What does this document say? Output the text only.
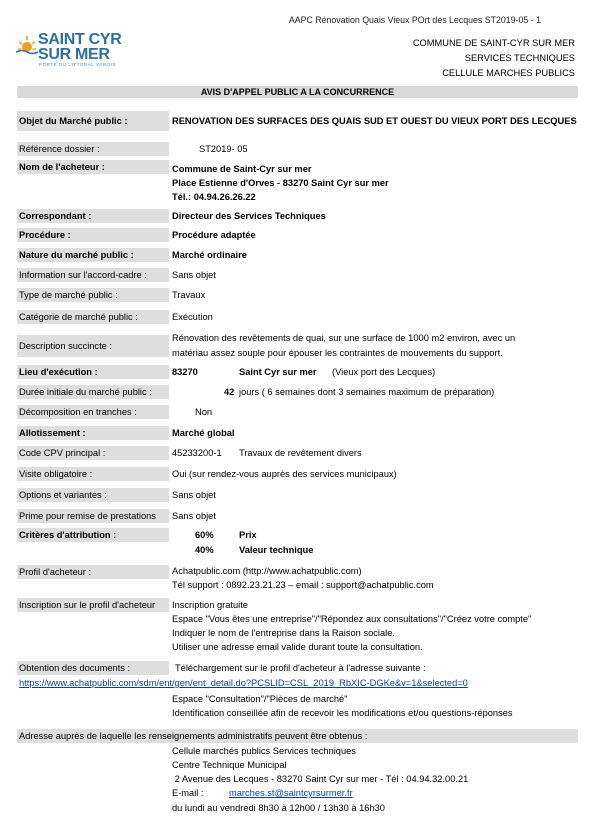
AAPC Rénovation Quais Vieux POrt des Lecques ST2019-05 - 1
SAINT CYR
SUR MER
PORTE DU LITTORAL VAROIS
COMMUNE DE SAINT-CYR SUR MER
SERVICES TECHNIQUES
CELLULE MARCHES PUBLICS
AVIS D'APPEL PUBLIC A LA CONCURRENCE
Objet du Marché public :	RENOVATION DES SURFACES DES QUAIS SUD ET OUEST DU VIEUX PORT DES LECQUES
Référence dossier :	ST2019- 05
Nom de l'acheteur :	Commune de Saint-Cyr sur mer
Place Estienne d'Orves - 83270 Saint Cyr sur mer
Tél.: 04.94.26.26.22
Correspondant :	Directeur des Services Techniques
Procédure :	Procédure adaptée
Nature du marché public :	Marché ordinaire
Information sur l'accord-cadre :	Sans objet
Type de marché public :	Travaux
Catégorie de marché public :	Exécution
Description succincte :
Rénovation des revêtements de quai, sur une surface de 1000 m2 environ, avec un
matériau assez souple pour épouser les contraintes de mouvements du support.
Lieu d'exécution :	83270	Saint Cyr sur mer	(Vieux port des Lecques)
Durée initiale du marché public :	42 jours ( 6 semaines dont 3 semaines maximum de préparation)
Décomposition en tranches :	Non
Allotissement :	Marché global
Code CPV principal :	45233200-1	Travaux de revêtement divers
Visite obligatoire :	Oui (sur rendez-vous auprès des services municipaux)
Options et variantes :	Sans objet
Prime pour remise de prestations	Sans objet
Critères d'attribution :	60%	Prix
40%	Valeur technique
Profil d'acheteur :	Achatpublic.com (http://www.achatpublic.com)
Tél support : 0892.23.21.23 – email : support@achatpublic.com
Inscription sur le profil d'acheteur	Inscription gratuite
Espace "Vous êtes une entreprise"/"Répondez aux consultations"/"Créez votre compte"
Indiquer le nom de l'entreprise dans la Raison sociale.
Utiliser une adresse email valide durant toute la consultation.
Obtention des documents :	Téléchargement sur le profil d'acheteur à l'adresse suivante :
https://www.achatpublic.com/sdm/ent/gen/ent_detail.do?PCSLID=CSL_2019_RbXIC-DGKe&v=1&selected=0
Espace "Consultation"/"Pièces de marché"
Identification conseillée afin de recevoir les modifications et/ou questions-réponses
Adresse auprès de laquelle les renseignements administratifs peuvent être obtenus :
Cellule marchés publics Services techniques
Centre Technique Municipal
2 Avenue des Lecques - 83270 Saint Cyr sur mer - Tél : 04.94.32.00.21
E-mail :	marches.st@saintcyrsurmer.fr
du lundi au vendredi 8h30 à 12h00 / 13h30 à 16h30
